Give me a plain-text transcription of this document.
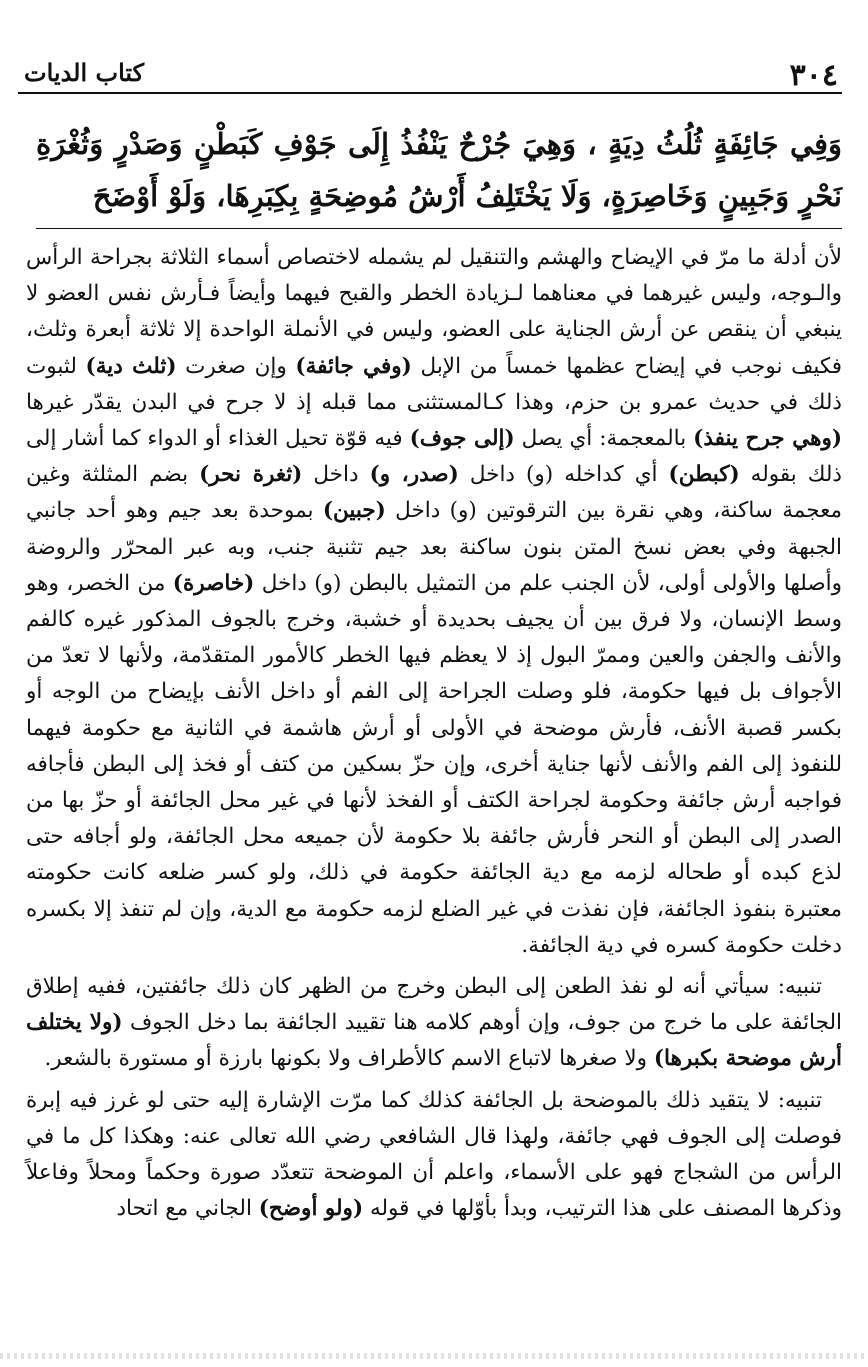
٣٠٤
كتاب الديات
وَفِي جَائِفَةٍ ثُلُثُ دِيَةٍ ، وَهِيَ جُرْحٌ يَنْفُذُ إِلَى جَوْفِ كَبَطْنٍ وَصَدْرٍ وَثُغْرَةِ نَحْرٍ وَجَبِينٍ وَخَاصِرَةٍ، وَلَا يَخْتَلِفُ أَرْشُ مُوضِحَةٍ بِكِبَرِهَا، وَلَوْ أَوْضَحَ

لأن أدلة ما مرّ في الإيضاح والهشم والتنقيل لم يشمله لاختصاص أسماء الثلاثة بجراحة الرأس والـوجه، وليس غيرهما في معناهما لـزيادة الخطر والقبح فيهما وأيضاً فـأرش نفس العضو لا ينبغي أن ينقص عن أرش الجناية على العضو، وليس في الأنملة الواحدة إلا ثلاثة أبعرة وثلث، فكيف نوجب في إيضاح عظمها خمساً من الإبل (وفي جائفة) وإن صغرت (ثلث دية) لثبوت ذلك في حديث عمرو بن حزم، وهذا كـالمستثنى مما قبله إذ لا جرح في البدن يقدّر غيرها (وهي جرح ينفذ) بالمعجمة: أي يصل (إلى جوف) فيه قوّة تحيل الغذاء أو الدواء كما أشار إلى ذلك بقوله (كبطن) أي كداخله (و) داخل (صدر، و) داخل (ثغرة نحر) بضم المثلثة وغين معجمة ساكنة، وهي نقرة بين الترقوتين (و) داخل (جبين) بموحدة بعد جيم وهو أحد جانبي الجبهة وفي بعض نسخ المتن بنون ساكنة بعد جيم تثنية جنب، وبه عبر المحرّر والروضة وأصلها والأولى أولى، لأن الجنب علم من التمثيل بالبطن (و) داخل (خاصرة) من الخصر، وهو وسط الإنسان، ولا فرق بين أن يجيف بحديدة أو خشبة، وخرج بالجوف المذكور غيره كالفم والأنف والجفن والعين وممرّ البول إذ لا يعظم فيها الخطر كالأمور المتقدّمة، ولأنها لا تعدّ من الأجواف بل فيها حكومة، فلو وصلت الجراحة إلى الفم أو داخل الأنف بإيضاح من الوجه أو بكسر قصبة الأنف، فأرش موضحة في الأولى أو أرش هاشمة في الثانية مع حكومة فيهما للنفوذ إلى الفم والأنف لأنها جناية أخرى، وإن حزّ بسكين من كتف أو فخذ إلى البطن فأجافه فواجبه أرش جائفة وحكومة لجراحة الكتف أو الفخذ لأنها في غير محل الجائفة أو حزّ بها من الصدر إلى البطن أو النحر فأرش جائفة بلا حكومة لأن جميعه محل الجائفة، ولو أجافه حتى لذع كبده أو طحاله لزمه مع دية الجائفة حكومة في ذلك، ولو كسر ضلعه كانت حكومته معتبرة بنفوذ الجائفة، فإن نفذت في غير الضلع لزمه حكومة مع الدية، وإن لم تنفذ إلا بكسره دخلت حكومة كسره في دية الجائفة.

تنبيه: سيأتي أنه لو نفذ الطعن إلى البطن وخرج من الظهر كان ذلك جائفتين، ففيه إطلاق الجائفة على ما خرج من جوف، وإن أوهم كلامه هنا تقييد الجائفة بما دخل الجوف (ولا يختلف أرش موضحة بكبرها) ولا صغرها لاتباع الاسم كالأطراف ولا بكونها بارزة أو مستورة بالشعر.

تنبيه: لا يتقيد ذلك بالموضحة بل الجائفة كذلك كما مرّت الإشارة إليه حتى لو غرز فيه إبرة فوصلت إلى الجوف فهي جائفة، ولهذا قال الشافعي رضي الله تعالى عنه: وهكذا كل ما في الرأس من الشجاج فهو على الأسماء، واعلم أن الموضحة تتعدّد صورة وحكماً ومحلاً وفاعلاً وذكرها المصنف على هذا الترتيب، وبدأ بأوّلها في قوله (ولو أوضح) الجاني مع اتحاد
